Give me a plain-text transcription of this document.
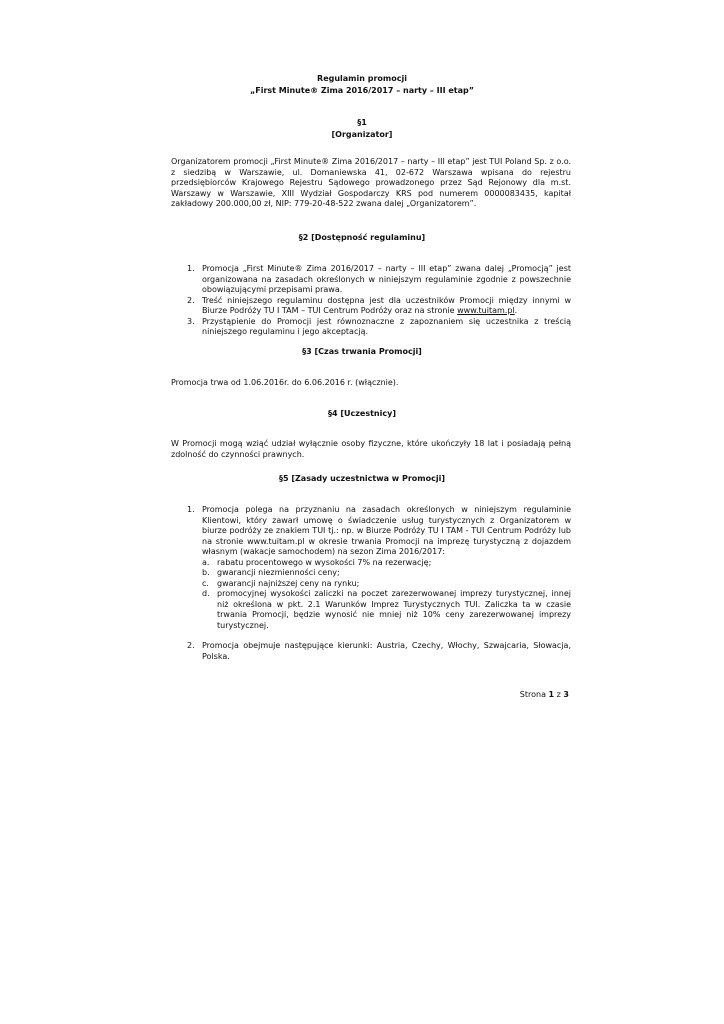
Regulamin promocji
„First Minute® Zima 2016/2017 – narty – III etap”
§1
[Organizator]
Organizatorem promocji „First Minute® Zima 2016/2017 – narty – III etap” jest TUI Poland Sp. z o.o. z siedzibą w Warszawie, ul. Domaniewska 41, 02-672 Warszawa wpisana do rejestru przedsiębiorców Krajowego Rejestru Sądowego prowadzonego przez Sąd Rejonowy dla m.st. Warszawy w Warszawie, XIII Wydział Gospodarczy KRS pod numerem 0000083435, kapitał zakładowy 200.000,00 zł, NIP: 779-20-48-522 zwana dalej „Organizatorem”.
§2 [Dostępność regulaminu]
1. Promocja „First Minute® Zima 2016/2017 – narty – III etap” zwana dalej „Promocją” jest organizowana na zasadach określonych w niniejszym regulaminie zgodnie z powszechnie obowiązującymi przepisami prawa.
2. Treść niniejszego regulaminu dostępna jest dla uczestników Promocji między innymi w Biurze Podróży TU I TAM – TUI Centrum Podróży oraz na stronie www.tuitam.pl.
3. Przystąpienie do Promocji jest równoznaczne z zapoznaniem się uczestnika z treścią niniejszego regulaminu i jego akceptacją.
§3 [Czas trwania Promocji]
Promocja trwa od 1.06.2016r. do 6.06.2016 r. (włącznie).
§4 [Uczestnicy]
W Promocji mogą wziąć udział wyłącznie osoby fizyczne, które ukończyły 18 lat i posiadają pełną zdolność do czynności prawnych.
§5 [Zasady uczestnictwa w Promocji]
1. Promocja polega na przyznaniu na zasadach określonych w niniejszym regulaminie Klientowi, który zawarł umowę o świadczenie usług turystycznych z Organizatorem w biurze podróży ze znakiem TUI tj.: np. w Biurze Podróży TU I TAM - TUI Centrum Podróży lub na stronie www.tuitam.pl w okresie trwania Promocji na imprezę turystyczną z dojazdem własnym (wakacje samochodem) na sezon Zima 2016/2017:
a. rabatu procentowego w wysokości 7% na rezerwację;
b. gwarancji niezmienności ceny;
c. gwarancji najniższej ceny na rynku;
d. promocyjnej wysokości zaliczki na poczet zarezerwowanej imprezy turystycznej, innej niż określona w pkt. 2.1 Warunków Imprez Turystycznych TUI. Zaliczka ta w czasie trwania Promocji, będzie wynosić nie mniej niż 10% ceny zarezerwowanej imprezy turystycznej.
2. Promocja obejmuje następujące kierunki: Austria, Czechy, Włochy, Szwajcaria, Słowacja, Polska.
Strona 1 z 3
